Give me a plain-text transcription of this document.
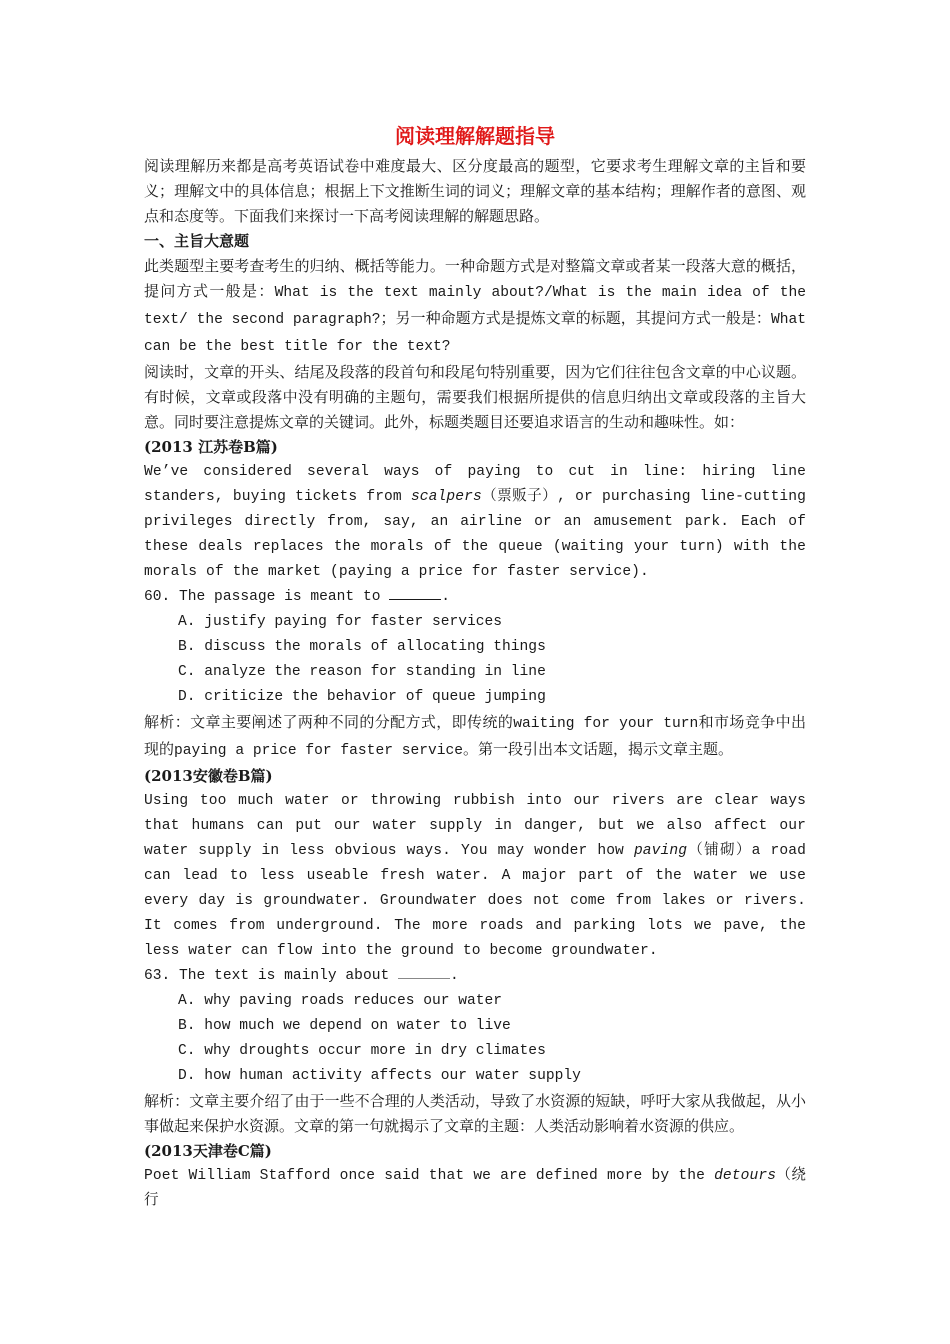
阅读理解解题指导
阅读理解历来都是高考英语试卷中难度最大、区分度最高的题型，它要求考生理解文章的主旨和要义；理解文中的具体信息；根据上下文推断生词的词义；理解文章的基本结构；理解作者的意图、观点和态度等。下面我们来探讨一下高考阅读理解的解题思路。
一、主旨大意题
此类题型主要考查考生的归纳、概括等能力。一种命题方式是对整篇文章或者某一段落大意的概括，提问方式一般是：What is the text mainly about?/What is the main idea of the text/ the second paragraph?；另一种命题方式是提炼文章的标题，其提问方式一般是：What can be the best title for the text?
阅读时，文章的开头、结尾及段落的段首句和段尾句特别重要，因为它们往往包含文章的中心议题。有时候，文章或段落中没有明确的主题句，需要我们根据所提供的信息归纳出文章或段落的主旨大意。同时要注意提炼文章的关键词。此外，标题类题目还要追求语言的生动和趣味性。如：
(2013 江苏卷B篇)
We’ve considered several ways of paying to cut in line: hiring line standers, buying tickets from scalpers（票贩子）, or purchasing line-cutting privileges directly from, say, an airline or an amusement park. Each of these deals replaces the morals of the queue (waiting your turn) with the morals of the market (paying a price for faster service).
60. The passage is meant to	.
A. justify paying for faster services
B. discuss the morals of allocating things
C. analyze the reason for standing in line
D. criticize the behavior of queue jumping
解析：文章主要阐述了两种不同的分配方式，即传统的waiting for your turn和市场竞争中出现的paying a price for faster service。第一段引出本文话题，揭示文章主题。
(2013安徽卷B篇)
Using too much water or throwing rubbish into our rivers are clear ways that humans can put our water supply in danger, but we also affect our water supply in less obvious ways. You may wonder how paving（铺砌）a road can lead to less useable fresh water. A major part of the water we use every day is groundwater. Groundwater does not come from lakes or rivers. It comes from underground. The more roads and parking lots we pave, the less water can flow into the ground to become groundwater.
63. The text is mainly about	.
A. why paving roads reduces our water
B. how much we depend on water to live
C. why droughts occur more in dry climates
D. how human activity affects our water supply
解析：文章主要介绍了由于一些不合理的人类活动，导致了水资源的短缺，呼吁大家从我做起，从小事做起来保护水资源。文章的第一句就揭示了文章的主题：人类活动影响着水资源的供应。
(2013天津卷C篇)
Poet William Stafford once said that we are defined more by the detours（绕行
